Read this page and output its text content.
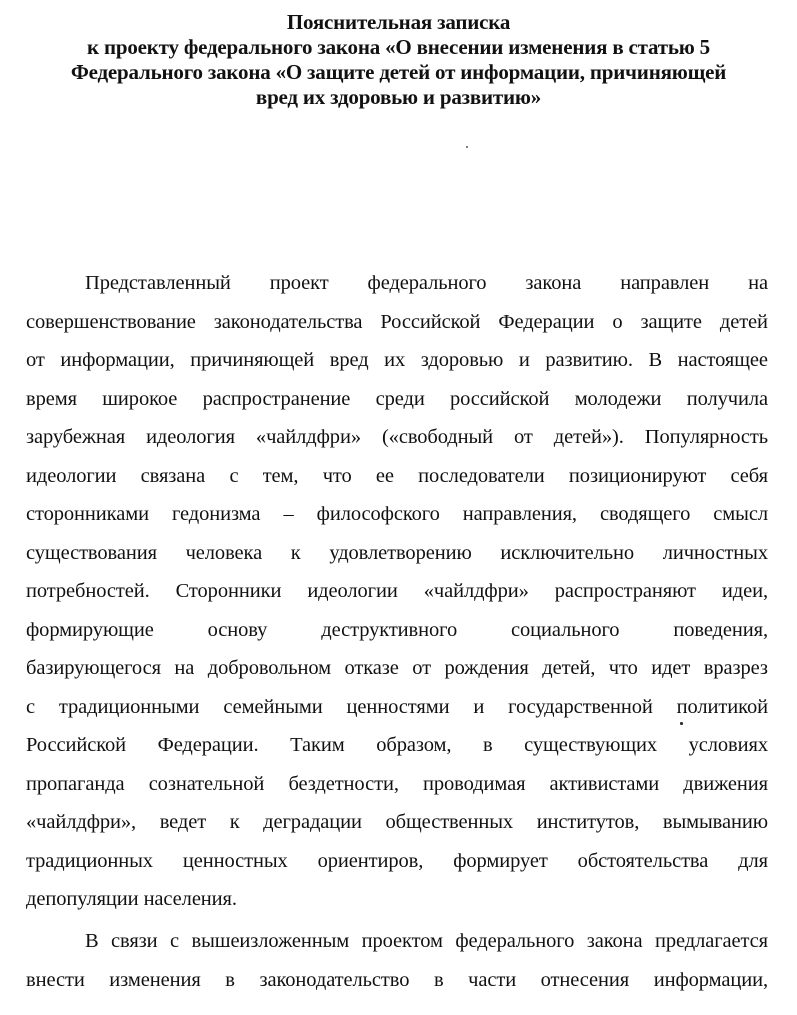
Пояснительная записка
к проекту федерального закона «О внесении изменения в статью 5
Федерального закона «О защите детей от информации, причиняющей
вред их здоровью и развитию»
Представленный проект федерального закона направлен на
совершенствование законодательства Российской Федерации о защите детей
от информации, причиняющей вред их здоровью и развитию. В настоящее
время широкое распространение среди российской молодежи получила
зарубежная идеология «чайлдфри» («свободный от детей»). Популярность
идеологии связана с тем, что ее последователи позиционируют себя
сторонниками гедонизма – философского направления, сводящего смысл
существования человека к удовлетворению исключительно личностных
потребностей. Сторонники идеологии «чайлдфри» распространяют идеи,
формирующие	основу	деструктивного	социального	поведения,
базирующегося на добровольном отказе от рождения детей, что идет вразрез
с традиционными семейными ценностями и государственной политикой
Российской Федерации. Таким образом, в существующих условиях
пропаганда сознательной бездетности, проводимая активистами движения
«чайлдфри», ведет к деградации общественных институтов, вымыванию
традиционных ценностных ориентиров, формирует обстоятельства для
депопуляции населения.
В связи с вышеизложенным проектом федерального закона предлагается
внести изменения в законодательство в части отнесения информации,
